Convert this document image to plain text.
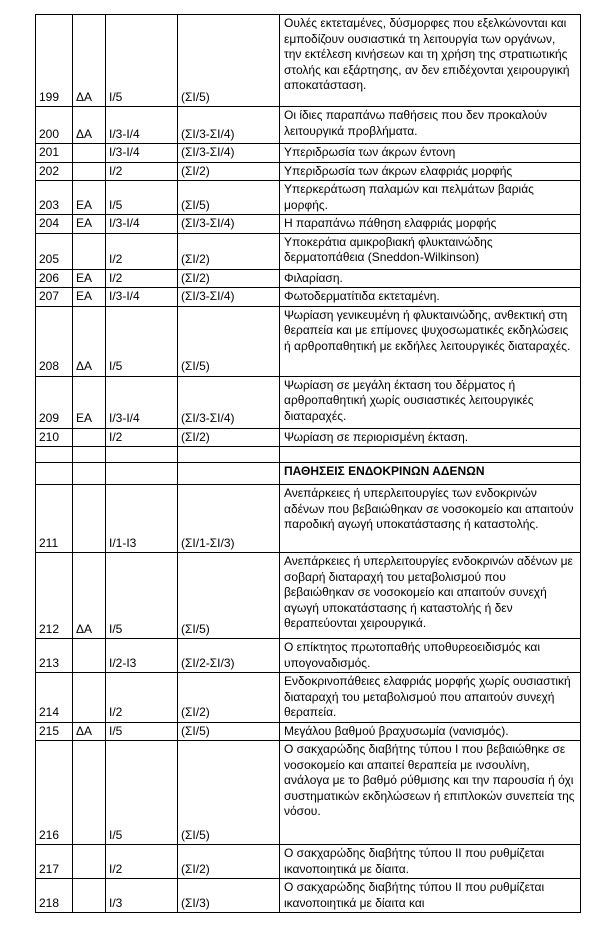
199	ΔΑ	I/5	(ΣΙ/5)	Ουλές εκτεταμένες, δύσμορφες που εξελκώνονται και εμποδίζουν ουσιαστικά τη λειτουργία των οργάνων, την εκτέλεση κινήσεων και τη χρήση της στρατιωτικής στολής και εξάρτησης, αν δεν επιδέχονται χειρουργική αποκατάσταση.
200	ΔΑ	I/3-I/4	(ΣΙ/3-ΣΙ/4)	Οι ίδιες παραπάνω παθήσεις που δεν προκαλούν λειτουργικά προβλήματα.
201		I/3-I/4	(ΣΙ/3-ΣΙ/4)	Υπεριδρωσία των άκρων έντονη
202		I/2	(ΣΙ/2)	Υπεριδρωσία των άκρων ελαφριάς μορφής
203	ΕΑ	I/5	(ΣΙ/5)	Υπερκεράτωση παλαμών και πελμάτων βαριάς μορφής.
204	ΕΑ	I/3-I/4	(ΣΙ/3-ΣΙ/4)	Η παραπάνω πάθηση ελαφριάς μορφής
205		I/2	(ΣΙ/2)	Υποκεράτια αμικροβιακή φλυκταινώδης δερματοπάθεια (Sneddon-Wilkinson)
206	ΕΑ	I/2	(ΣΙ/2)	Φιλαρίαση.
207	ΕΑ	I/3-I/4	(ΣΙ/3-ΣΙ/4)	Φωτοδερματίτιδα εκτεταμένη.
208	ΔΑ	I/5	(ΣΙ/5)	Ψωρίαση γενικευμένη ή φλυκταινώδης, ανθεκτική στη θεραπεία και με επίμονες ψυχοσωματικές εκδηλώσεις ή αρθροπαθητική με εκδήλες λειτουργικές διαταραχές.
209	ΕΑ	I/3-I/4	(ΣΙ/3-ΣΙ/4)	Ψωρίαση σε μεγάλη έκταση του δέρματος ή αρθροπαθητική χωρίς ουσιαστικές λειτουργικές διαταραχές.
210		I/2	(ΣΙ/2)	Ψωρίαση σε περιορισμένη έκταση.

				ΠΑΘΗΣΕΙΣ ΕΝΔΟΚΡΙΝΩΝ ΑΔΕΝΩΝ
211		I/1-I3	(ΣΙ/1-ΣΙ/3)	Ανεπάρκειες ή υπερλειτουργίες των ενδοκρινών αδένων που βεβαιώθηκαν σε νοσοκομείο και απαιτούν παροδική αγωγή υποκατάστασης ή καταστολής.
212	ΔΑ	I/5	(ΣΙ/5)	Ανεπάρκειες ή υπερλειτουργίες ενδοκρινών αδένων με σοβαρή διαταραχή του μεταβολισμού που βεβαιώθηκαν σε νοσοκομείο και απαιτούν συνεχή αγωγή υποκατάστασης ή καταστολής ή δεν θεραπεύονται χειρουργικά.
213		I/2-I3	(ΣΙ/2-ΣΙ/3)	Ο επίκτητος πρωτοπαθής υποθυρεοειδισμός και υπογοναδισμός.
214		I/2	(ΣΙ/2)	Ενδοκρινοπάθειες ελαφριάς μορφής χωρίς ουσιαστική διαταραχή του μεταβολισμού που απαιτούν συνεχή θεραπεία.
215	ΔΑ	I/5	(ΣΙ/5)	Μεγάλου βαθμού βραχυσωμία (νανισμός).
216		I/5	(ΣΙ/5)	Ο σακχαρώδης διαβήτης τύπου Ι που βεβαιώθηκε σε νοσοκομείο και απαιτεί θεραπεία με ινσουλίνη, ανάλογα με το βαθμό ρύθμισης και την παρουσία ή όχι συστηματικών εκδηλώσεων ή επιπλοκών συνεπεία της νόσου.
217		I/2	(ΣΙ/2)	Ο σακχαρώδης διαβήτης τύπου ΙΙ που ρυθμίζεται ικανοποιητικά με δίαιτα.
218		I/3	(ΣΙ/3)	Ο σακχαρώδης διαβήτης τύπου ΙΙ που ρυθμίζεται ικανοποιητικά με δίαιτα και
